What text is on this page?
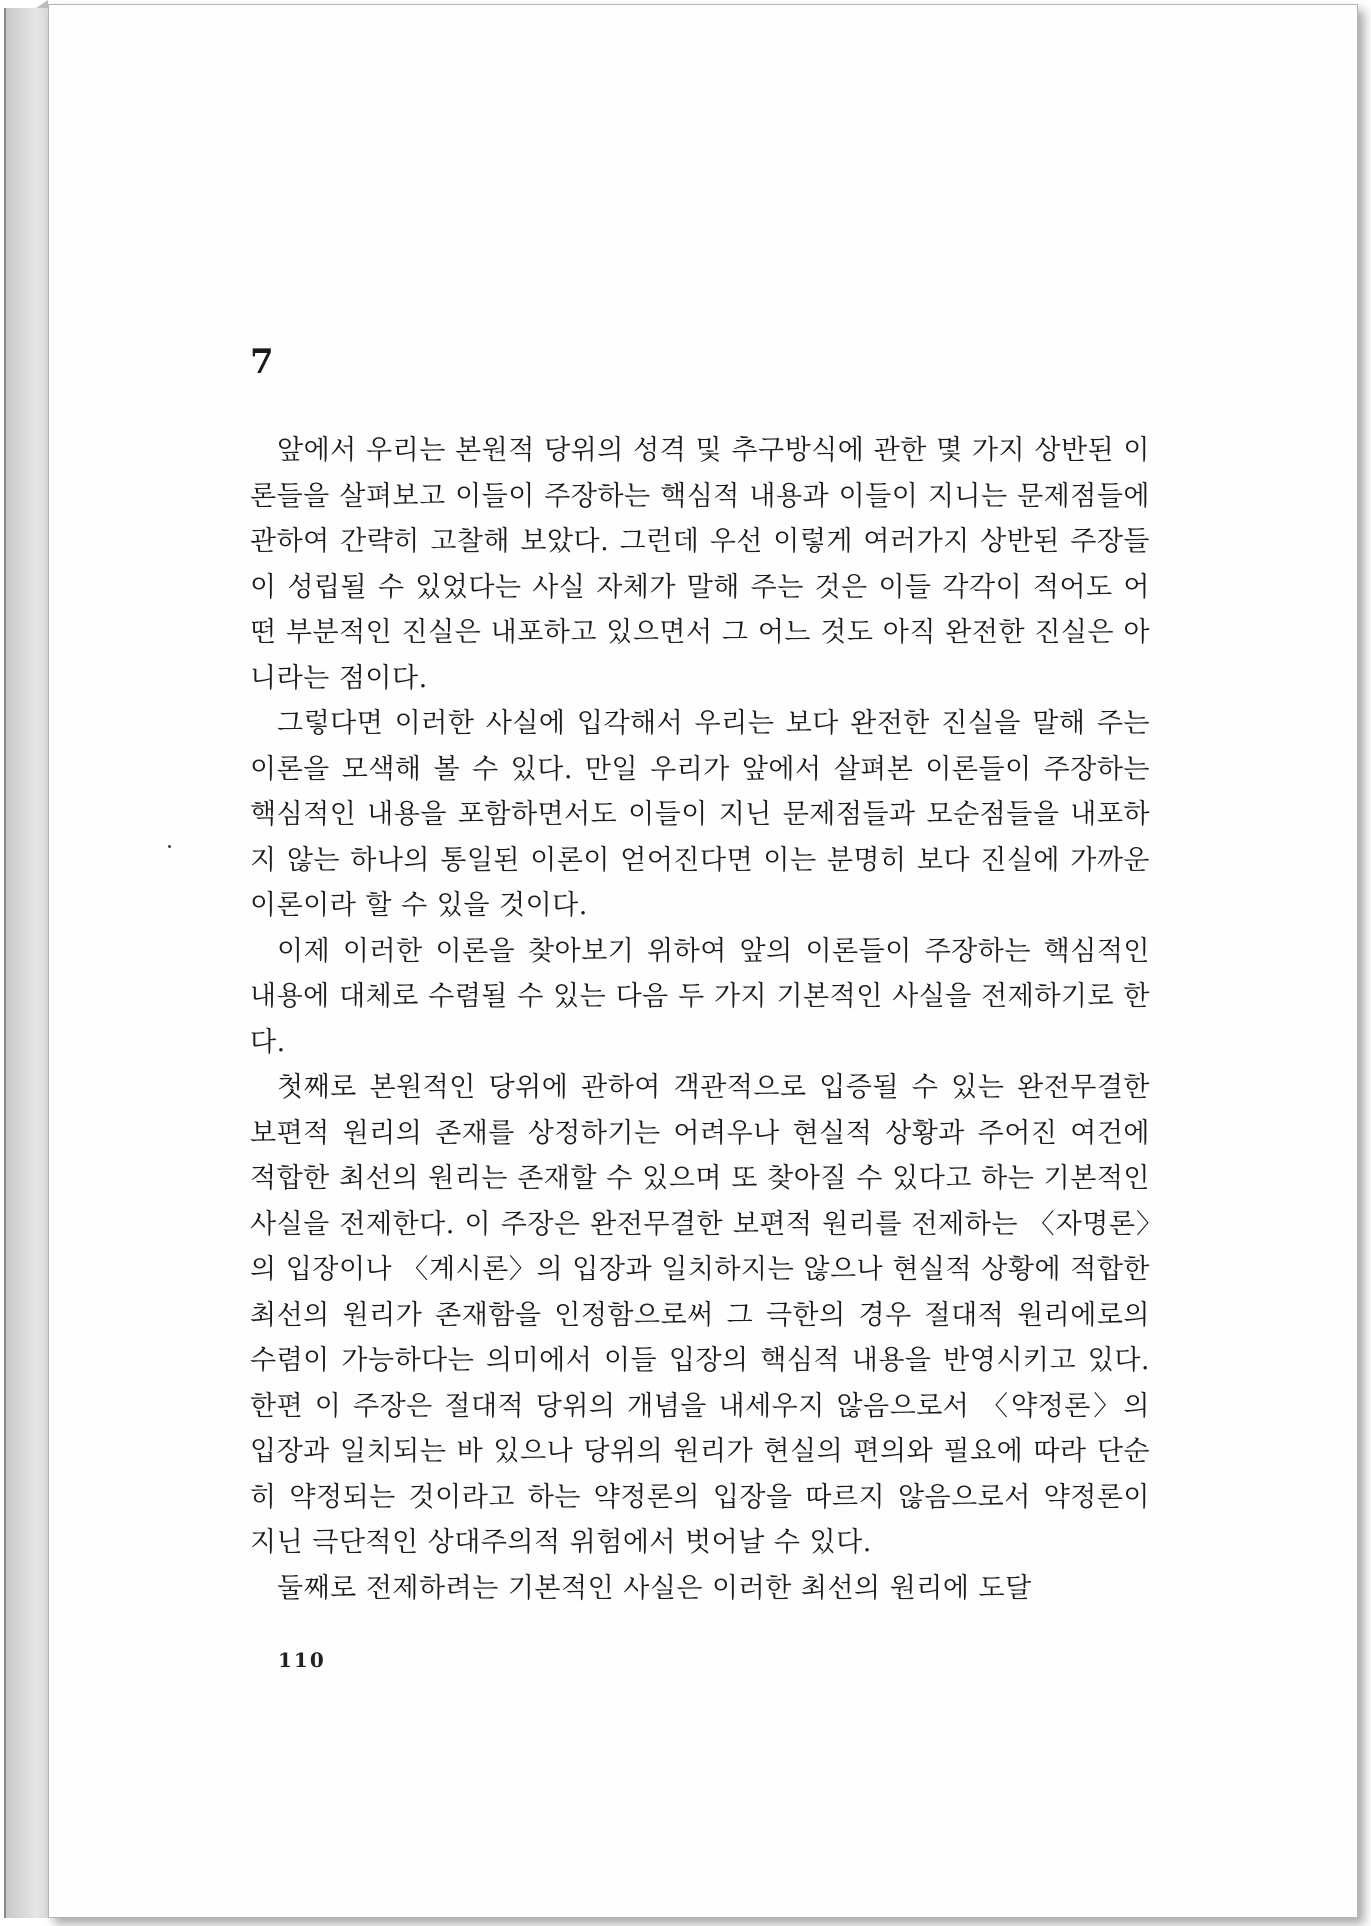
7

앞에서 우리는 본원적 당위의 성격 및 추구방식에 관한 몇 가지 상반된 이론들을 살펴보고 이들이 주장하는 핵심적 내용과 이들이 지니는 문제점들에 관하여 간략히 고찰해 보았다. 그런데 우선 이렇게 여러가지 상반된 주장들이 성립될 수 있었다는 사실 자체가 말해 주는 것은 이들 각각이 적어도 어떤 부분적인 진실은 내포하고 있으면서 그 어느 것도 아직 완전한 진실은 아니라는 점이다.

그렇다면 이러한 사실에 입각해서 우리는 보다 완전한 진실을 말해 주는 이론을 모색해 볼 수 있다. 만일 우리가 앞에서 살펴본 이론들이 주장하는 핵심적인 내용을 포함하면서도 이들이 지닌 문제점들과 모순점들을 내포하지 않는 하나의 통일된 이론이 얻어진다면 이는 분명히 보다 진실에 가까운 이론이라 할 수 있을 것이다.

이제 이러한 이론을 찾아보기 위하여 앞의 이론들이 주장하는 핵심적인 내용에 대체로 수렴될 수 있는 다음 두 가지 기본적인 사실을 전제하기로 한다.

첫째로 본원적인 당위에 관하여 객관적으로 입증될 수 있는 완전무결한 보편적 원리의 존재를 상정하기는 어려우나 현실적 상황과 주어진 여건에 적합한 최선의 원리는 존재할 수 있으며 또 찾아질 수 있다고 하는 기본적인 사실을 전제한다. 이 주장은 완전무결한 보편적 원리를 전제하는 〈자명론〉의 입장이나 〈계시론〉의 입장과 일치하지는 않으나 현실적 상황에 적합한 최선의 원리가 존재함을 인정함으로써 그 극한의 경우 절대적 원리에로의 수렴이 가능하다는 의미에서 이들 입장의 핵심적 내용을 반영시키고 있다. 한편 이 주장은 절대적 당위의 개념을 내세우지 않음으로서 〈약정론〉의 입장과 일치되는 바 있으나 당위의 원리가 현실의 편의와 필요에 따라 단순히 약정되는 것이라고 하는 약정론의 입장을 따르지 않음으로서 약정론이 지닌 극단적인 상대주의적 위험에서 벗어날 수 있다.

둘째로 전제하려는 기본적인 사실은 이러한 최선의 원리에 도달

110
